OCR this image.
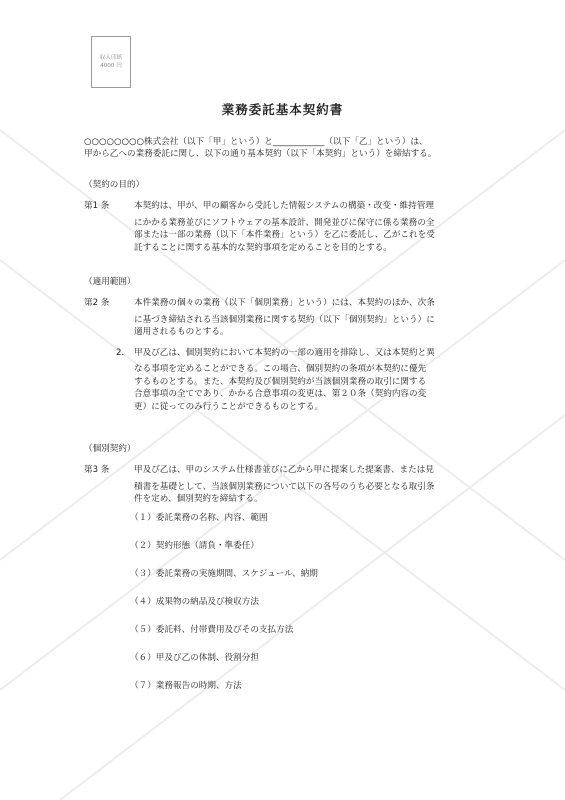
収入印紙
4000 円
業務委託基本契約書

○○○○○○○○株式会社（以下「甲」という）と____________（以下「乙」という）は、

甲から乙への業務委託に関し、以下の通り基本契約（以下「本契約」という）を締結する。

（契約の目的）

第1 条	本契約は、甲が、甲の顧客から受託した情報システムの構築・改变・維持管理

にかかる業務並びにソフトウェアの基本設計、開発並びに保守に係る業務の全

部または一部の業務（以下「本件業務」という）を乙に委託し、乙がこれを受

託することに関する基本的な契約事項を定めることを目的とする。

（適用範囲）

第2 条	本件業務の個々の業務（以下「個別業務」という）には、本契約のほか、次条

に基づき締結される当該個別業務に関する契約（以下「個別契約」という）に

適用されるものとする。

2． 甲及び乙は、個別契約において本契約の一部の適用を排除し、又は本契約と異

なる事項を定めることができる。この場合、個別契約の条項が本契約に優先

するものとする。また、本契約及び個別契約が当該個別業務の取引に関する

合意事項の全てであり、かかる合意事項の変更は、第２０条（契約内容の変

更）に従ってのみ行うことができるものとする。

（個別契約）

第3 条	甲及び乙は、甲のシステム仕様書並びに乙から甲に提案した提案書、または見

積書を基礎として、当該個別業務について以下の各号のうち必要となる取引条

件を定め、個別契約を締結する。

（１）委託業務の名称、内容、範囲
（２）契約形態（請負・準委任）
（３）委託業務の実施期間、スケジュール、納期
（４）成果物の納品及び検収方法
（５）委託料、付帯費用及びその支払方法
（６）甲及び乙の体制、役割分担
（７）業務報告の時期、方法
